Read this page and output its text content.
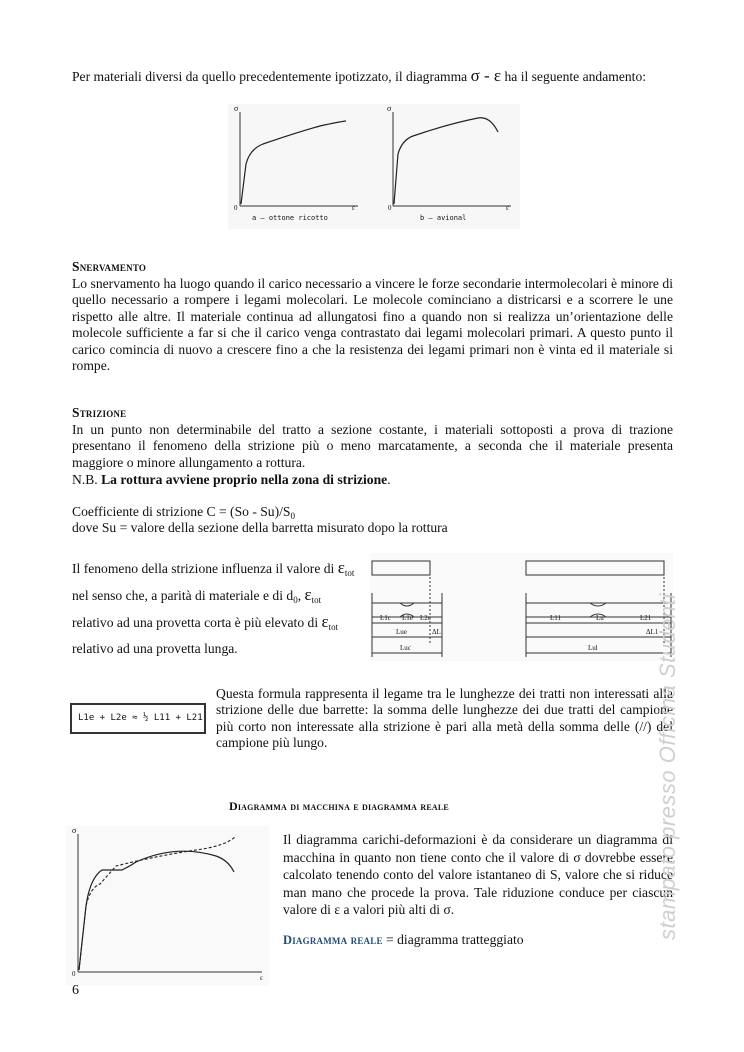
Per materiali diversi da quello precedentemente ipotizzato, il diagramma σ - ε ha il seguente andamento:

σ
0	ε
σ
0	ε
a – ottone ricotto	b – avional

Snervamento

Lo snervamento ha luogo quando il carico necessario a vincere le forze secondarie intermolecolari è minore di quello necessario a rompere i legami molecolari. Le molecole cominciano a districarsi e a scorrere le une rispetto alle altre. Il materiale continua ad allungatosi fino a quando non si realizza un’orientazione delle molecole sufficiente a far si che il carico venga contrastato dai legami molecolari primari. A questo punto il carico comincia di nuovo a crescere fino a che la resistenza dei legami primari non è vinta ed il materiale si rompe.

Strizione

In un punto non determinabile del tratto a sezione costante, i materiali sottoposti a prova di trazione presentano il fenomeno della strizione più o meno marcatamente, a seconda che il materiale presenta maggiore o minore allungamento a rottura.

N.B. La rottura avviene proprio nella zona di strizione.

Coefficiente di strizione $C = (So - Su)/S_0$

dove Su = valore della sezione della barretta misurato dopo la rottura

Il fenomeno della strizione influenza il valore di $\varepsilon_{tot}$
nel senso che, a parità di materiale e di $d_0$, $\varepsilon_{tot}$
relativo ad una provetta corta è più elevato di $\varepsilon_{tot}$
relativo ad una provetta lunga.
L1c L1e L2c
Lue	ΔL
Luc
L11	Lu	L21
ΔL1
Lul
L1e + L2e ≈ ½ L11 + L21

Questa formula rappresenta il legame tra le lunghezze dei tratti non interessati alla strizione delle due barrette: la somma delle lunghezze dei due tratti del campione più corto non interessate alla strizione è pari alla metà della somma delle (//) del campione più lungo.

Diagramma di macchina e diagramma reale

σ
0	ε

Il diagramma carichi-deformazioni è da considerare un diagramma di macchina in quanto non tiene conto che il valore di σ dovrebbe essere calcolato tenendo conto del valore istantaneo di S, valore che si riduce man mano che procede la prova. Tale riduzione conduce per ciascun valore di ε a valori più alti di σ.

Diagramma reale = diagramma tratteggiato

6

stampato presso Officina Studenti
